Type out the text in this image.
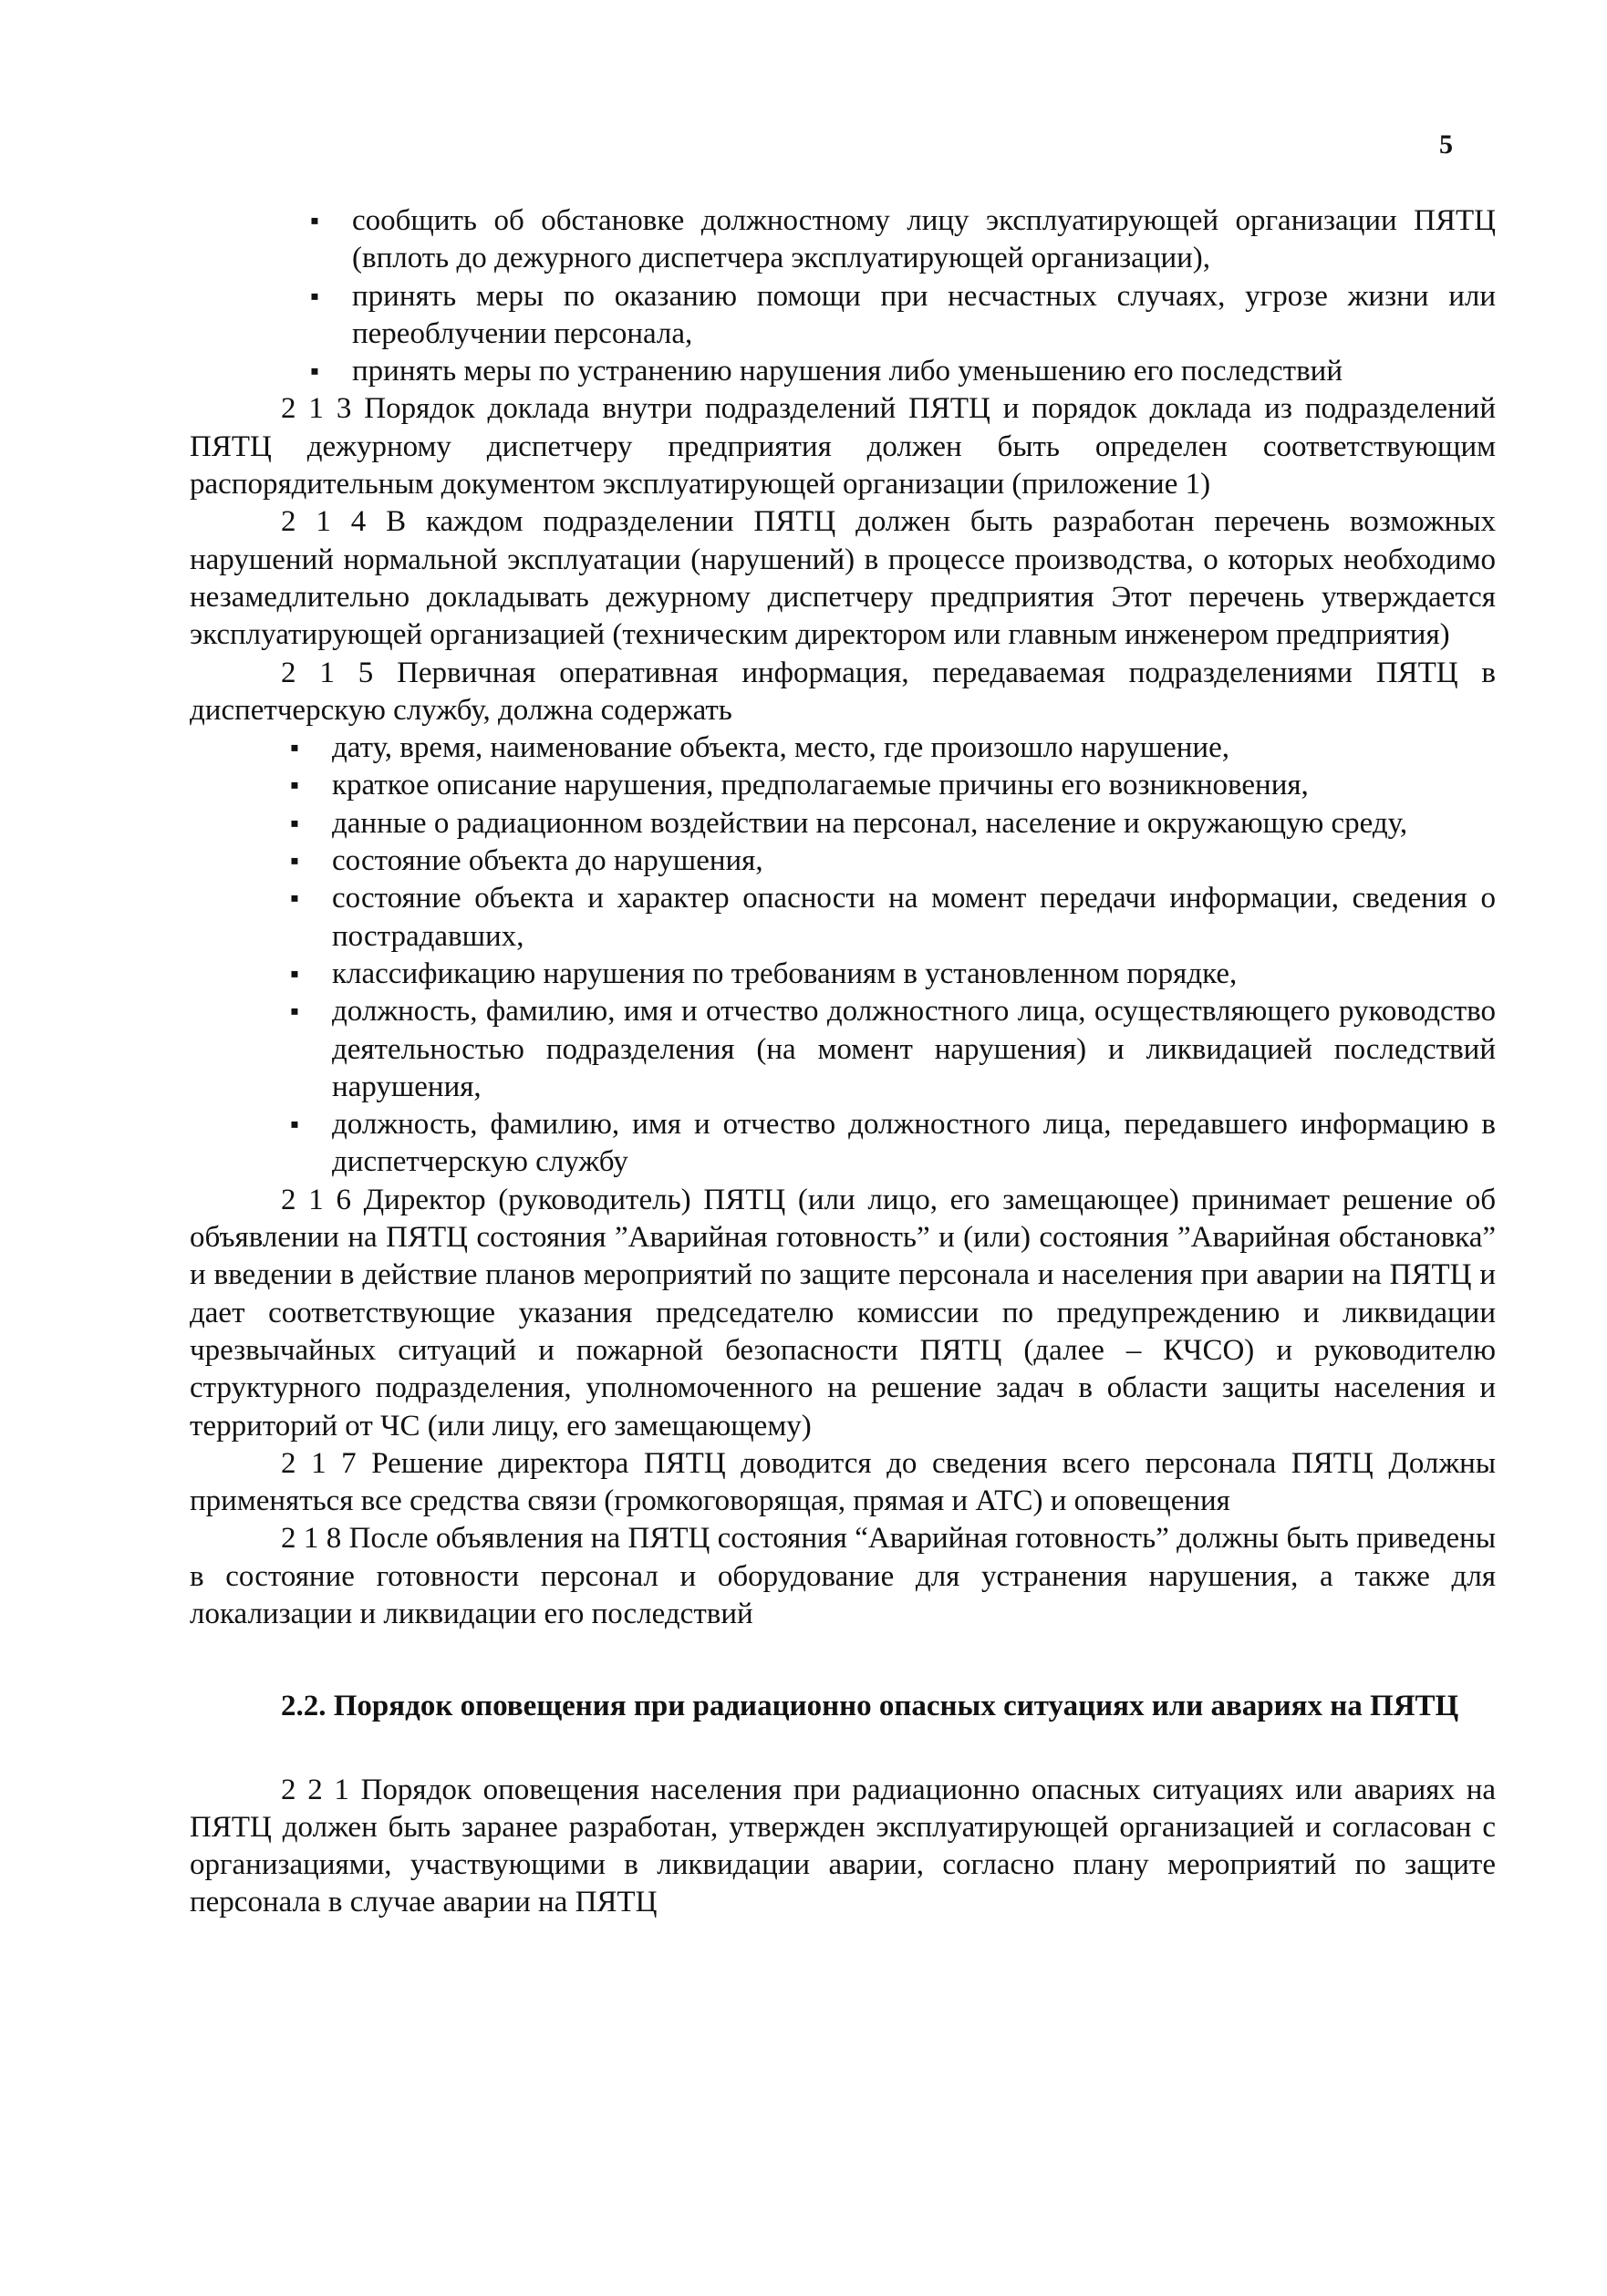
5
▪ сообщить об обстановке должностному лицу эксплуатирующей организации ПЯТЦ (вплоть до дежурного диспетчера эксплуатирующей организации),
▪ принять меры по оказанию помощи при несчастных случаях, угрозе жизни или переоблучении персонала,
▪ принять меры по устранению нарушения либо уменьшению его последствий

2 1 3 Порядок доклада внутри подразделений ПЯТЦ и порядок доклада из подразделений ПЯТЦ дежурному диспетчеру предприятия должен быть определен соответствующим распорядительным документом эксплуатирующей организации (приложение 1)

2 1 4 В каждом подразделении ПЯТЦ должен быть разработан перечень возможных нарушений нормальной эксплуатации (нарушений) в процессе производства, о которых необходимо незамедлительно докладывать дежурному диспетчеру предприятия Этот перечень утверждается эксплуатирующей организацией (техническим директором или главным инженером предприятия)

2 1 5 Первичная оперативная информация, передаваемая подразделениями ПЯТЦ в диспетчерскую службу, должна содержать

▪ дату, время, наименование объекта, место, где произошло нарушение,
▪ краткое описание нарушения, предполагаемые причины его возникновения,
▪ данные о радиационном воздействии на персонал, население и окружающую среду,
▪ состояние объекта до нарушения,
▪ состояние объекта и характер опасности на момент передачи информации, сведения о пострадавших,
▪ классификацию нарушения по требованиям в установленном порядке,
▪ должность, фамилию, имя и отчество должностного лица, осуществляющего руководство деятельностью подразделения (на момент нарушения) и ликвидацией последствий нарушения,
▪ должность, фамилию, имя и отчество должностного лица, передавшего информацию в диспетчерскую службу

2 1 6 Директор (руководитель) ПЯТЦ (или лицо, его замещающее) принимает решение об объявлении на ПЯТЦ состояния ”Аварийная готовность” и (или) состояния ”Аварийная обстановка” и введении в действие планов мероприятий по защите персонала и населения при аварии на ПЯТЦ и дает соответствующие указания председателю комиссии по предупреждению и ликвидации чрезвычайных ситуаций и пожарной безопасности ПЯТЦ (далее – КЧСО) и руководителю структурного подразделения, уполномоченного на решение задач в области защиты населения и территорий от ЧС (или лицу, его замещающему)

2 1 7 Решение директора ПЯТЦ доводится до сведения всего персонала ПЯТЦ Должны применяться все средства связи (громкоговорящая, прямая и АТС) и оповещения

2 1 8 После объявления на ПЯТЦ состояния “Аварийная готовность” должны быть приведены в состояние готовности персонал и оборудование для устранения нарушения, а также для локализации и ликвидации его последствий

2.2. Порядок оповещения при радиационно опасных ситуациях или авариях на ПЯТЦ

2 2 1 Порядок оповещения населения при радиационно опасных ситуациях или авариях на ПЯТЦ должен быть заранее разработан, утвержден эксплуатирующей организацией и согласован с организациями, участвующими в ликвидации аварии, согласно плану мероприятий по защите персонала в случае аварии на ПЯТЦ
